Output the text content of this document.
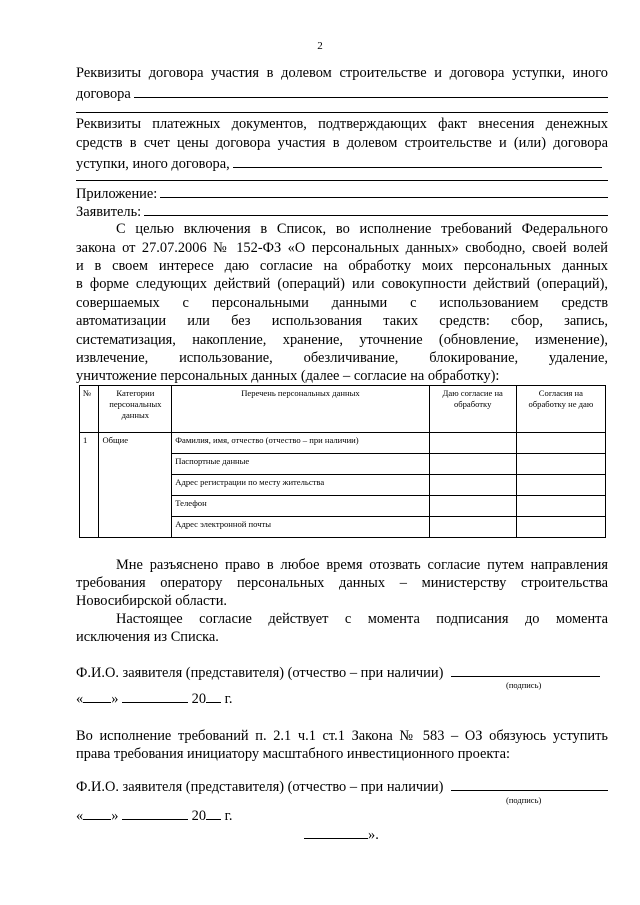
2
Реквизиты договора участия в долевом строительстве и договора уступки, иного
договора
Реквизиты платежных документов, подтверждающих факт внесения денежных
средств в счет цены договора участия в долевом строительстве и (или) договора
уступки, иного договора,
Приложение:
Заявитель:
С целью включения в Список, во исполнение требований Федерального
закона от 27.07.2006 № 152-ФЗ «О персональных данных» свободно, своей волей
и в своем интересе даю согласие на обработку моих персональных данных
в форме следующих действий (операций) или совокупности действий (операций),
совершаемых с персональными данными с использованием средств
автоматизации или без использования таких средств: сбор, запись,
систематизация, накопление, хранение, уточнение (обновление, изменение),
извлечение, использование, обезличивание, блокирование, удаление,
уничтожение персональных данных (далее – согласие на обработку):
№	Категории персональных данных	Перечень персональных данных	Даю согласие на обработку	Согласия на обработку не даю
1	Общие	Фамилия, имя, отчество (отчество – при наличии)		
		Паспортные данные		
		Адрес регистрации по месту жительства		
		Телефон		
		Адрес электронной почты		
Мне разъяснено право в любое время отозвать согласие путем направления
требования оператору персональных данных – министерству строительства
Новосибирской области.
Настоящее согласие действует с момента подписания до момента
исключения из Списка.
Ф.И.О. заявителя (представителя) (отчество – при наличии)
(подпись)
« »	20 г.
Во исполнение требований п. 2.1 ч.1 ст.1 Закона № 583 – ОЗ обязуюсь уступить
права требования инициатору масштабного инвестиционного проекта:
Ф.И.О. заявителя (представителя) (отчество – при наличии)
(подпись)
« »	20 г.
».
